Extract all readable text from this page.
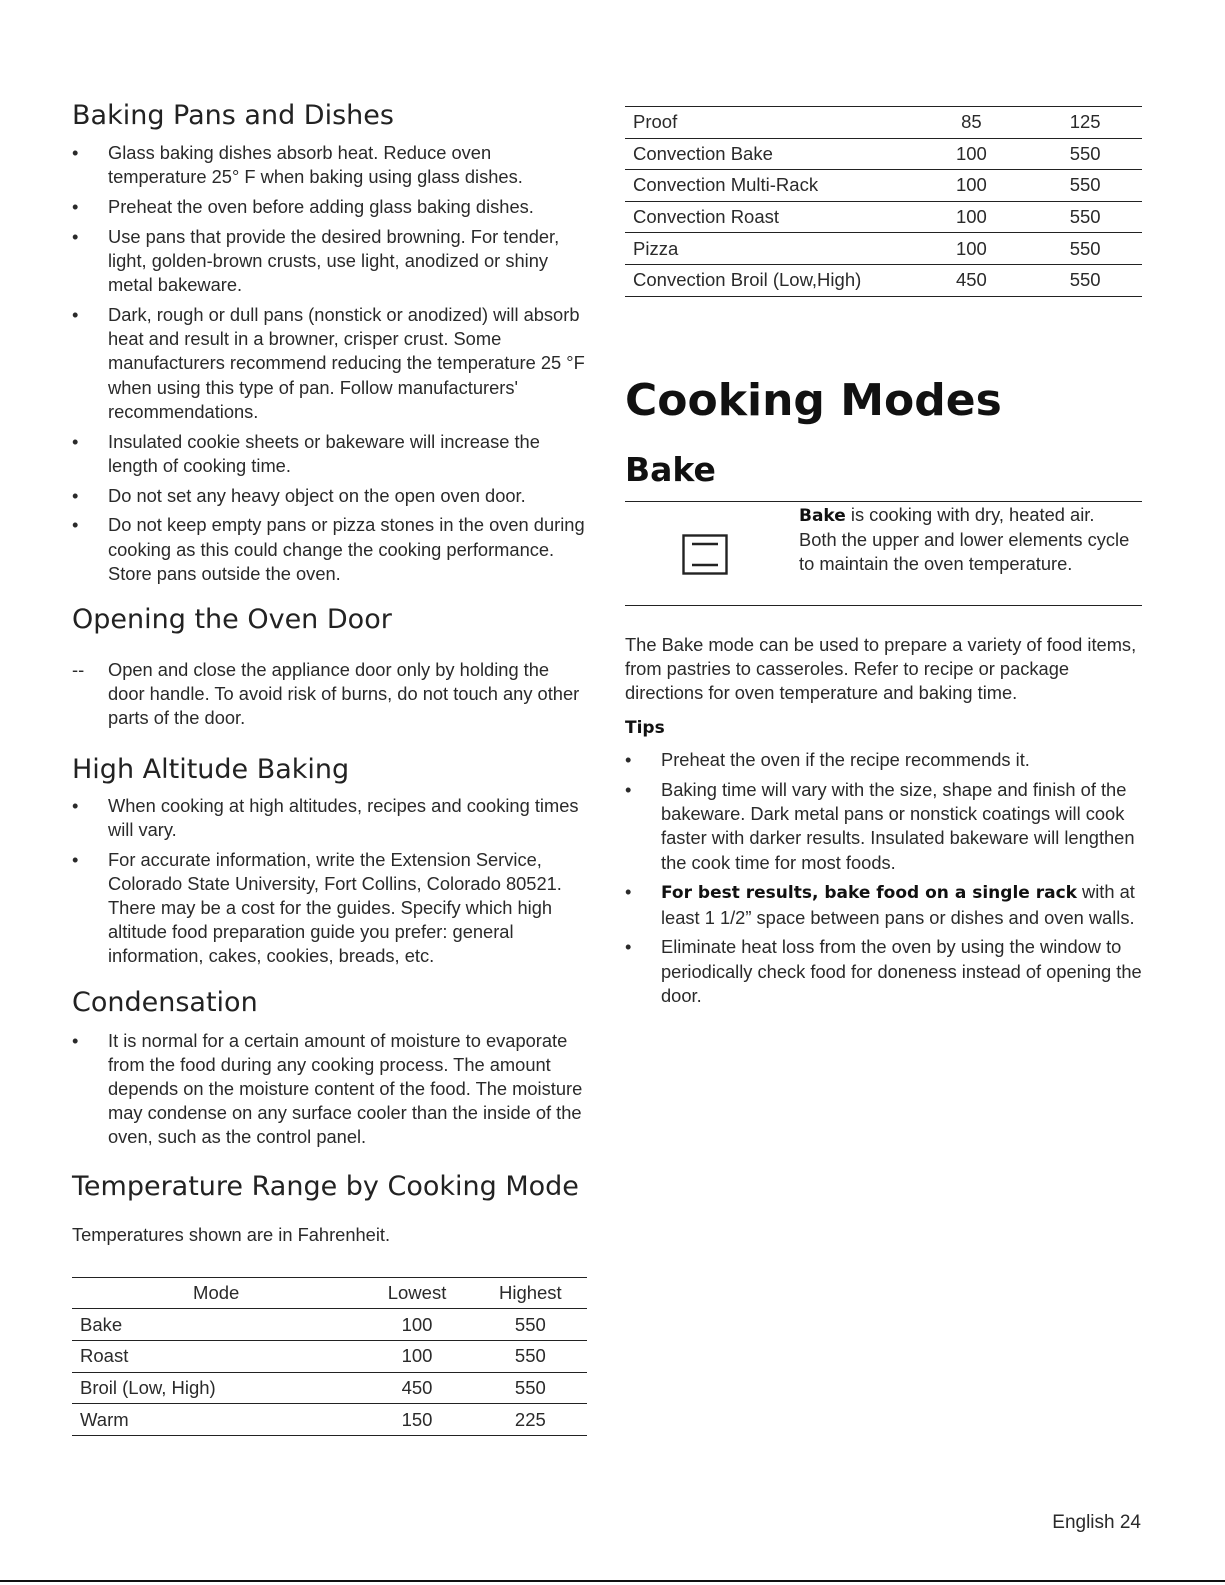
Baking Pans and Dishes
•	Glass baking dishes absorb heat. Reduce oven temperature 25° F when baking using glass dishes.
•	Preheat the oven before adding glass baking dishes.
•	Use pans that provide the desired browning. For tender, light, golden-brown crusts, use light, anodized or shiny metal bakeware.
•	Dark, rough or dull pans (nonstick or anodized) will absorb heat and result in a browner, crisper crust. Some manufacturers recommend reducing the temperature 25 °F when using this type of pan. Follow manufacturers' recommendations.
•	Insulated cookie sheets or bakeware will increase the length of cooking time.
•	Do not set any heavy object on the open oven door.
•	Do not keep empty pans or pizza stones in the oven during cooking as this could change the cooking performance. Store pans outside the oven.
Opening the Oven Door
--	Open and close the appliance door only by holding the door handle. To avoid risk of burns, do not touch any other parts of the door.
High Altitude Baking
•	When cooking at high altitudes, recipes and cooking times will vary.
•	For accurate information, write the Extension Service, Colorado State University, Fort Collins, Colorado 80521. There may be a cost for the guides. Specify which high altitude food preparation guide you prefer: general information, cakes, cookies, breads, etc.
Condensation
•	It is normal for a certain amount of moisture to evaporate from the food during any cooking process. The amount depends on the moisture content of the food. The moisture may condense on any surface cooler than the inside of the oven, such as the control panel.
Temperature Range by Cooking Mode

Temperatures shown are in Fahrenheit.

Mode	Lowest	Highest
Bake	100	550
Roast	100	550
Broil (Low, High)	450	550
Warm	150	225
Proof	85	125
Convection Bake	100	550
Convection Multi-Rack	100	550
Convection Roast	100	550
Pizza	100	550
Convection Broil (Low,High)	450	550
Cooking Modes
Bake

Bake is cooking with dry, heated air. Both the upper and lower elements cycle to maintain the oven temperature.

The Bake mode can be used to prepare a variety of food items, from pastries to casseroles. Refer to recipe or package directions for oven temperature and baking time.

Tips
•	Preheat the oven if the recipe recommends it.
•	Baking time will vary with the size, shape and finish of the bakeware. Dark metal pans or nonstick coatings will cook faster with darker results. Insulated bakeware will lengthen the cook time for most foods.
•	For best results, bake food on a single rack with at least 1 1/2” space between pans or dishes and oven walls.
•	Eliminate heat loss from the oven by using the window to periodically check food for doneness instead of opening the door.
English 24
